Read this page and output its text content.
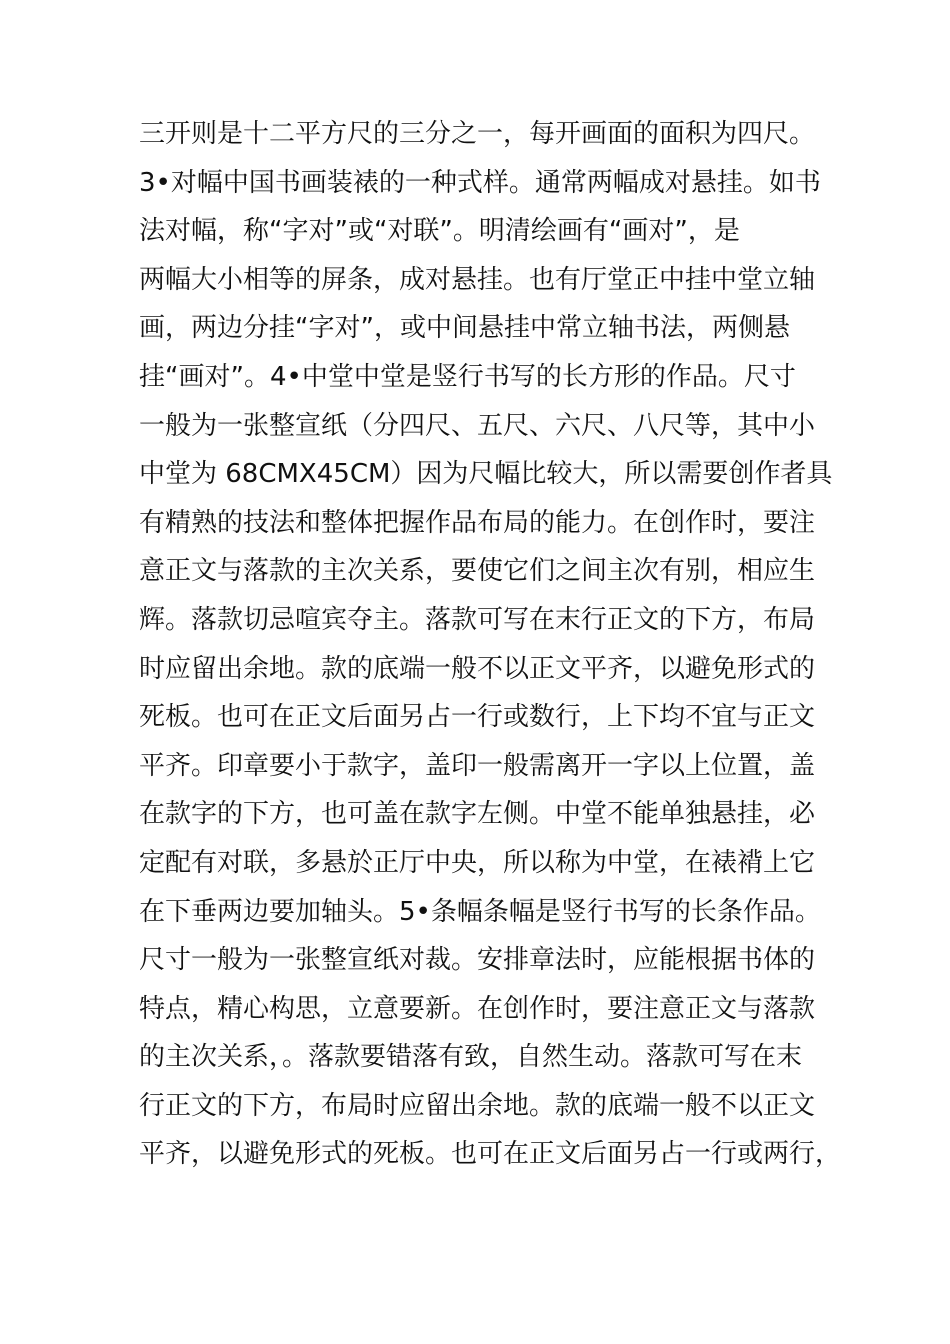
三开则是十二平方尺的三分之一，每开画面的面积为四尺。
3•对幅中国书画装裱的一种式样。通常两幅成对悬挂。如书
法对幅，称“字对”或“对联”。明清绘画有“画对”，是
两幅大小相等的屏条，成对悬挂。也有厅堂正中挂中堂立轴
画，两边分挂“字对”，或中间悬挂中常立轴书法，两侧悬
挂“画对”。4•中堂中堂是竖行书写的长方形的作品。尺寸
一般为一张整宣纸（分四尺、五尺、六尺、八尺等，其中小
中堂为 68CMX45CM）因为尺幅比较大，所以需要创作者具
有精熟的技法和整体把握作品布局的能力。在创作时，要注
意正文与落款的主次关系，要使它们之间主次有别，相应生
辉。落款切忌喧宾夺主。落款可写在末行正文的下方，布局
时应留出余地。款的底端一般不以正文平齐，以避免形式的
死板。也可在正文后面另占一行或数行，上下均不宜与正文
平齐。印章要小于款字，盖印一般需离开一字以上位置，盖
在款字的下方，也可盖在款字左侧。中堂不能单独悬挂，必
定配有对联，多悬於正厅中央，所以称为中堂，在裱褙上它
在下垂两边要加轴头。5•条幅条幅是竖行书写的长条作品。
尺寸一般为一张整宣纸对裁。安排章法时，应能根据书体的
特点，精心构思，立意要新。在创作时，要注意正文与落款
的主次关系，。落款要错落有致，自然生动。落款可写在末
行正文的下方，布局时应留出余地。款的底端一般不以正文
平齐，以避免形式的死板。也可在正文后面另占一行或两行，
